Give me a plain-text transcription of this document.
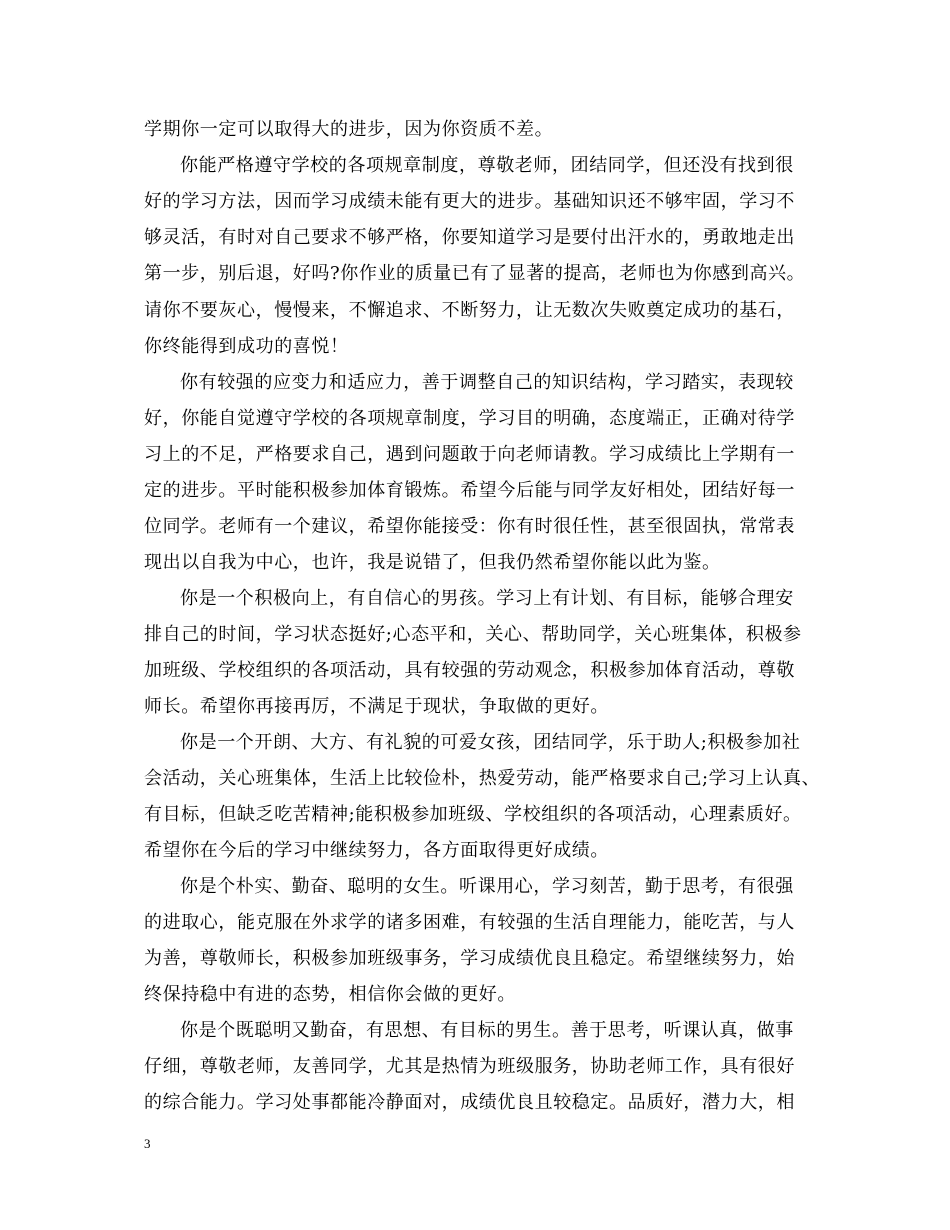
学期你一定可以取得大的进步，因为你资质不差。
你能严格遵守学校的各项规章制度，尊敬老师，团结同学，但还没有找到很
好的学习方法，因而学习成绩未能有更大的进步。基础知识还不够牢固，学习不
够灵活，有时对自己要求不够严格，你要知道学习是要付出汗水的，勇敢地走出
第一步，别后退，好吗?你作业的质量已有了显著的提高，老师也为你感到高兴。
请你不要灰心，慢慢来，不懈追求、不断努力，让无数次失败奠定成功的基石，
你终能得到成功的喜悦！
你有较强的应变力和适应力，善于调整自己的知识结构，学习踏实，表现较
好，你能自觉遵守学校的各项规章制度，学习目的明确，态度端正，正确对待学
习上的不足，严格要求自己，遇到问题敢于向老师请教。学习成绩比上学期有一
定的进步。平时能积极参加体育锻炼。希望今后能与同学友好相处，团结好每一
位同学。老师有一个建议，希望你能接受：你有时很任性，甚至很固执，常常表
现出以自我为中心，也许，我是说错了，但我仍然希望你能以此为鉴。
你是一个积极向上，有自信心的男孩。学习上有计划、有目标，能够合理安
排自己的时间，学习状态挺好;心态平和，关心、帮助同学，关心班集体，积极参
加班级、学校组织的各项活动，具有较强的劳动观念，积极参加体育活动，尊敬
师长。希望你再接再厉，不满足于现状，争取做的更好。
你是一个开朗、大方、有礼貌的可爱女孩，团结同学，乐于助人;积极参加社
会活动，关心班集体，生活上比较俭朴，热爱劳动，能严格要求自己;学习上认真、
有目标，但缺乏吃苦精神;能积极参加班级、学校组织的各项活动，心理素质好。
希望你在今后的学习中继续努力，各方面取得更好成绩。
你是个朴实、勤奋、聪明的女生。听课用心，学习刻苦，勤于思考，有很强
的进取心，能克服在外求学的诸多困难，有较强的生活自理能力，能吃苦，与人
为善，尊敬师长，积极参加班级事务，学习成绩优良且稳定。希望继续努力，始
终保持稳中有进的态势，相信你会做的更好。
你是个既聪明又勤奋，有思想、有目标的男生。善于思考，听课认真，做事
仔细，尊敬老师，友善同学，尤其是热情为班级服务，协助老师工作，具有很好
的综合能力。学习处事都能冷静面对，成绩优良且较稳定。品质好，潜力大，相
3
